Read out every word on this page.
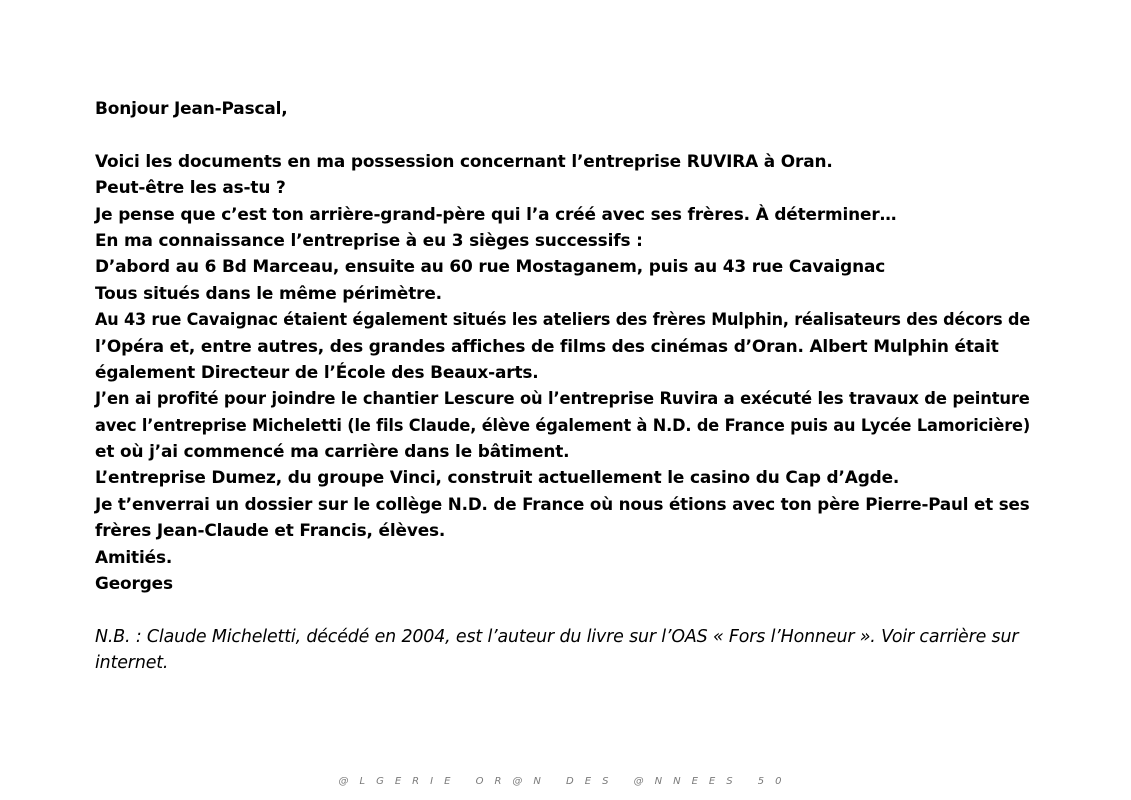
Bonjour Jean-Pascal,
Voici les documents en ma possession concernant l’entreprise RUVIRA à Oran.
Peut-être les as-tu ?
Je pense que c’est ton arrière-grand-père qui l’a créé avec ses frères. À déterminer…
En ma connaissance l’entreprise à eu 3 sièges successifs :
D’abord au 6 Bd Marceau, ensuite au 60 rue Mostaganem, puis au 43 rue Cavaignac
Tous situés dans le même périmètre.
Au 43 rue Cavaignac étaient également situés les ateliers des frères Mulphin, réalisateurs des décors de
l’Opéra et, entre autres, des grandes affiches de films des cinémas d’Oran. Albert Mulphin était
également Directeur de l’École des Beaux-arts.
J’en ai profité pour joindre le chantier Lescure où l’entreprise Ruvira a exécuté les travaux de peinture
avec l’entreprise Micheletti (le fils Claude, élève également à N.D. de France puis au Lycée Lamoricière)
et où j’ai commencé ma carrière dans le bâtiment.
L’entreprise Dumez, du groupe Vinci, construit actuellement le casino du Cap d’Agde.
Je t’enverrai un dossier sur le collège N.D. de France où nous étions avec ton père Pierre-Paul et ses
frères Jean-Claude et Francis, élèves.
Amitiés.
Georges
N.B. : Claude Micheletti, décédé en 2004, est l’auteur du livre sur l’OAS « Fors l’Honneur ». Voir carrière sur
internet.
@LGERIE OR@N DES @NNEES 50
